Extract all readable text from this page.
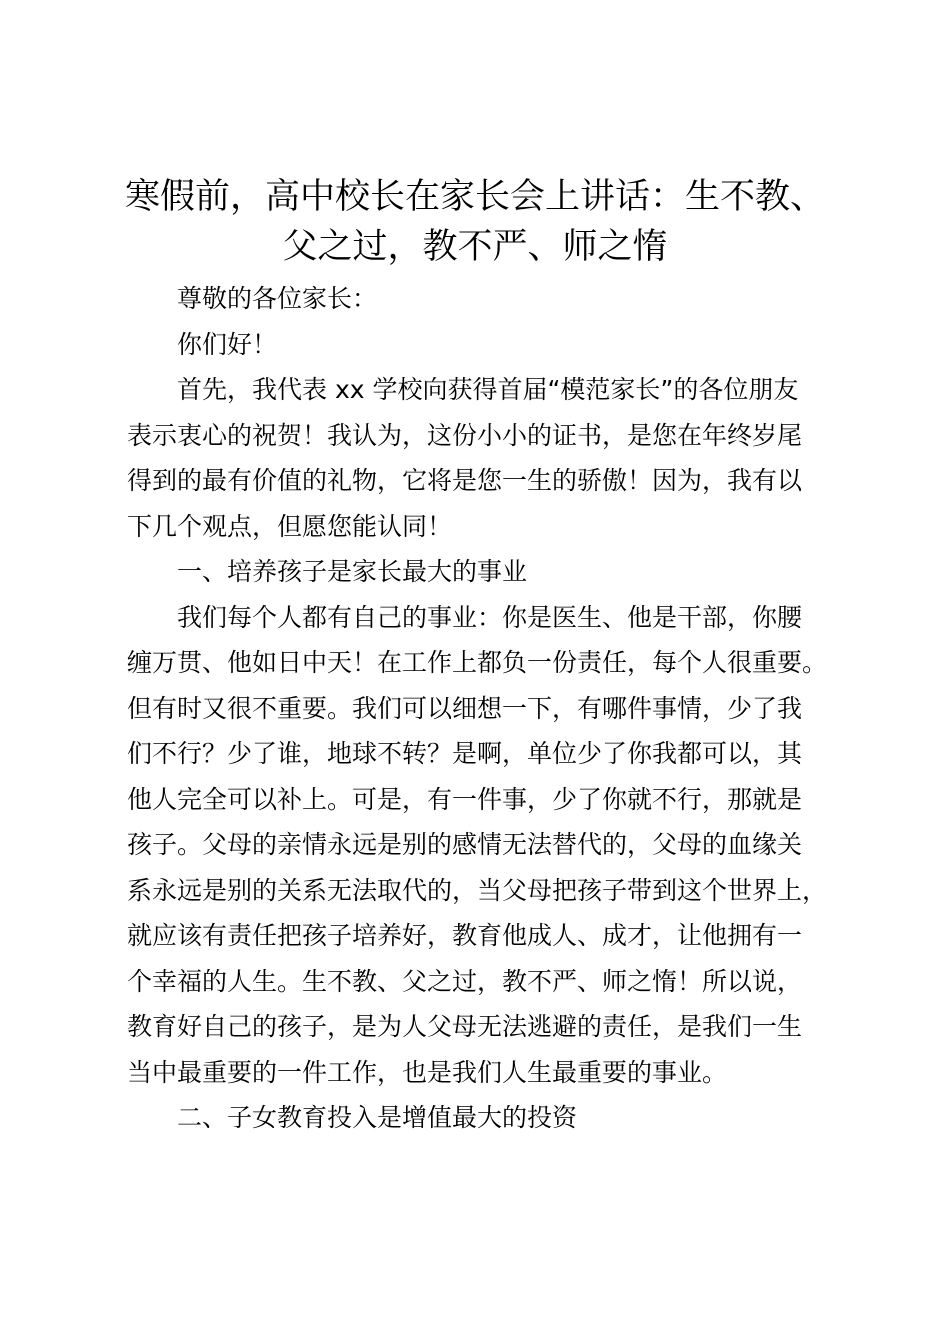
寒假前，高中校长在家长会上讲话：生不教、
父之过，教不严、师之惰
尊敬的各位家长：
你们好！
首先，我代表 xx 学校向获得首届“模范家长”的各位朋友
表示衷心的祝贺！我认为，这份小小的证书，是您在年终岁尾
得到的最有价值的礼物，它将是您一生的骄傲！因为，我有以
下几个观点，但愿您能认同！
一、培养孩子是家长最大的事业
我们每个人都有自己的事业：你是医生、他是干部，你腰
缠万贯、他如日中天！在工作上都负一份责任，每个人很重要。
但有时又很不重要。我们可以细想一下，有哪件事情，少了我
们不行？少了谁，地球不转？是啊，单位少了你我都可以，其
他人完全可以补上。可是，有一件事，少了你就不行，那就是
孩子。父母的亲情永远是别的感情无法替代的，父母的血缘关
系永远是别的关系无法取代的，当父母把孩子带到这个世界上，
就应该有责任把孩子培养好，教育他成人、成才，让他拥有一
个幸福的人生。生不教、父之过，教不严、师之惰！所以说，
教育好自己的孩子，是为人父母无法逃避的责任，是我们一生
当中最重要的一件工作，也是我们人生最重要的事业。
二、子女教育投入是增值最大的投资
